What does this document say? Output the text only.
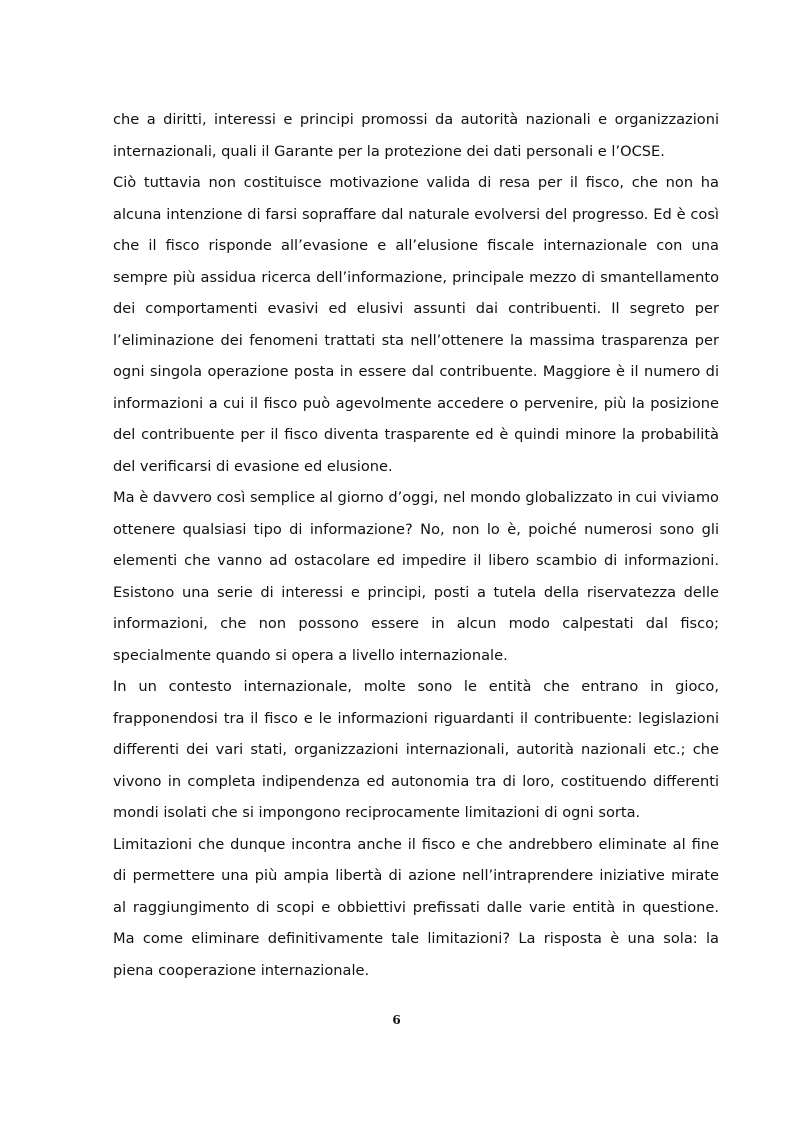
che a diritti, interessi e principi promossi da autorità nazionali e organizzazioni internazionali, quali il Garante per la protezione dei dati personali e l’OCSE.

Ciò tuttavia non costituisce motivazione valida di resa per il fisco, che non ha alcuna intenzione di farsi sopraffare dal naturale evolversi del progresso. Ed è così che il fisco risponde all’evasione e all’elusione fiscale internazionale con una sempre più assidua ricerca dell’informazione, principale mezzo di smantellamento dei comportamenti evasivi ed elusivi assunti dai contribuenti. Il segreto per l’eliminazione dei fenomeni trattati sta nell’ottenere la massima trasparenza per ogni singola operazione posta in essere dal contribuente. Maggiore è il numero di informazioni a cui il fisco può agevolmente accedere o pervenire, più la posizione del contribuente per il fisco diventa trasparente ed è quindi minore la probabilità del verificarsi di evasione ed elusione.

Ma è davvero così semplice al giorno d’oggi, nel mondo globalizzato in cui viviamo ottenere qualsiasi tipo di informazione? No, non lo è, poiché numerosi sono gli elementi che vanno ad ostacolare ed impedire il libero scambio di informazioni. Esistono una serie di interessi e principi, posti a tutela della riservatezza delle informazioni, che non possono essere in alcun modo calpestati dal fisco; specialmente quando si opera a livello internazionale.

In un contesto internazionale, molte sono le entità che entrano in gioco, frapponendosi tra il fisco e le informazioni riguardanti il contribuente: legislazioni differenti dei vari stati, organizzazioni internazionali, autorità nazionali etc.; che vivono in completa indipendenza ed autonomia tra di loro, costituendo differenti mondi isolati che si impongono reciprocamente limitazioni di ogni sorta.

Limitazioni che dunque incontra anche il fisco e che andrebbero eliminate al fine di permettere una più ampia libertà di azione nell’intraprendere iniziative mirate al raggiungimento di scopi e obbiettivi prefissati dalle varie entità in questione. Ma come eliminare definitivamente tale limitazioni? La risposta è una sola: la piena cooperazione internazionale.

6
